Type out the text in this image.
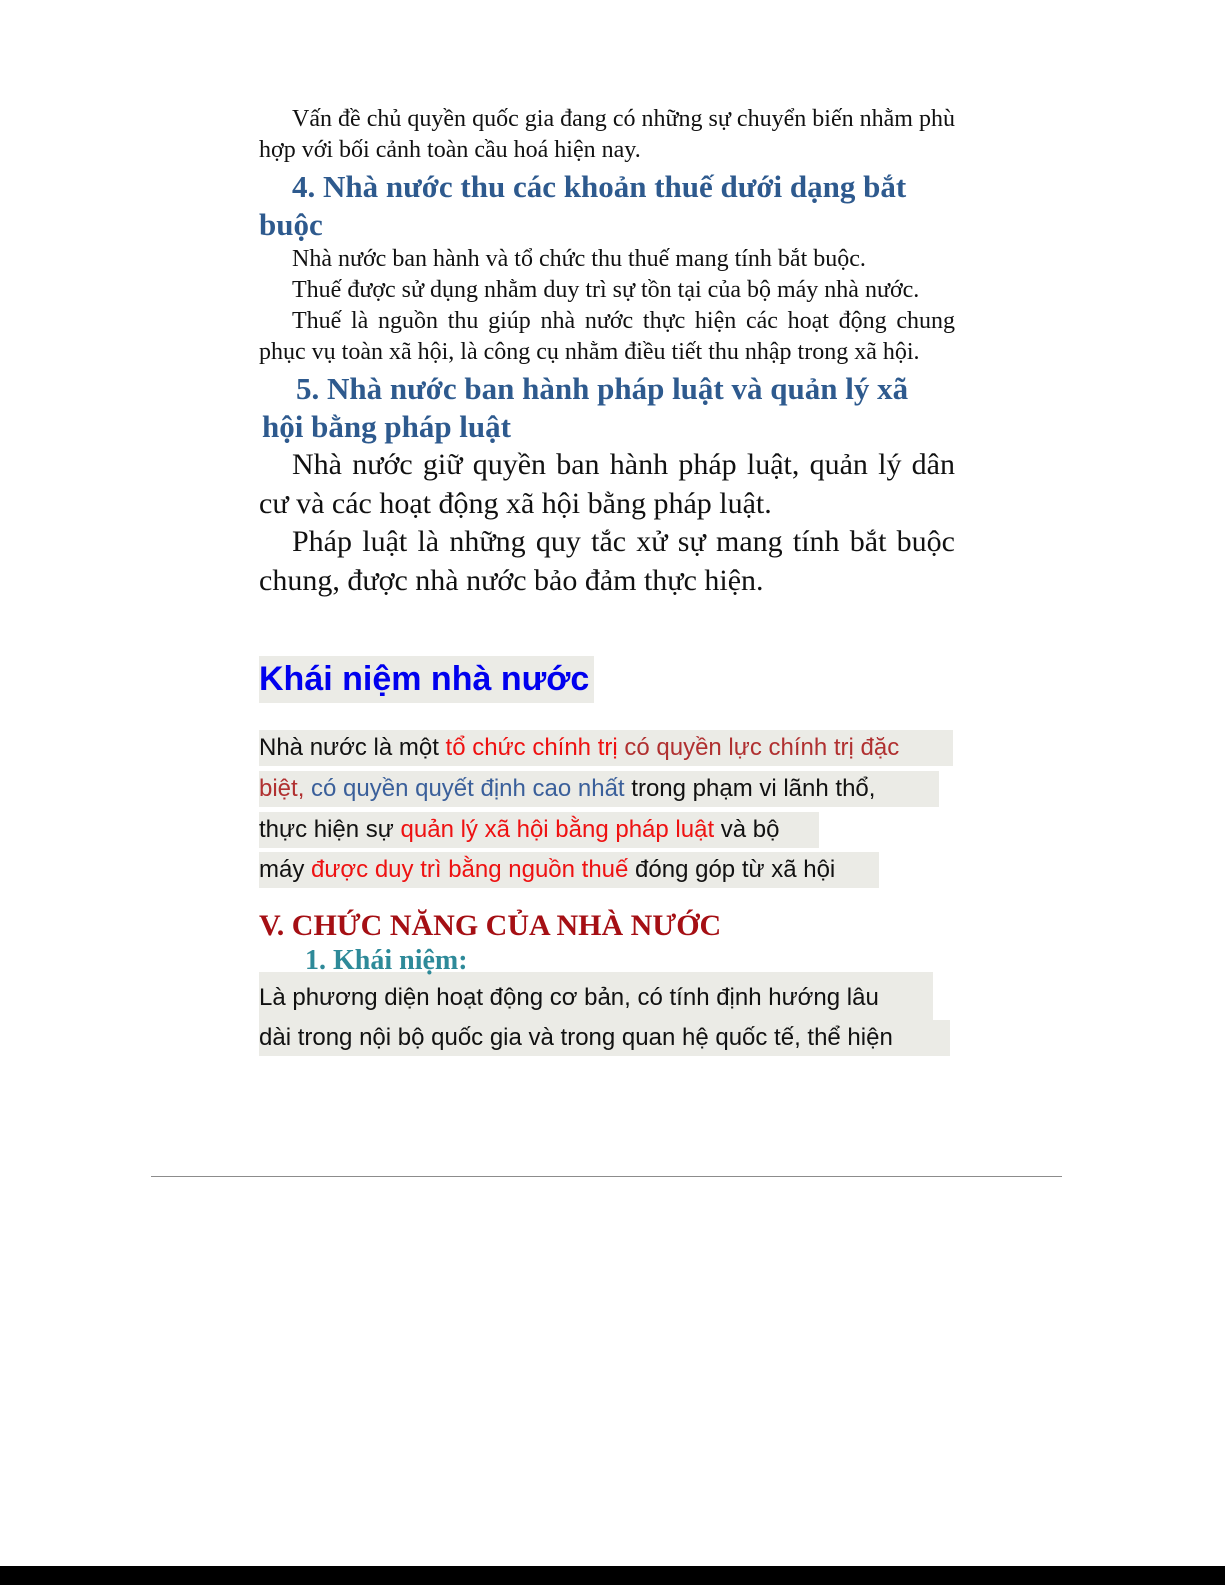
Vấn đề chủ quyền quốc gia đang có những sự chuyển biến nhằm phù hợp với bối cảnh toàn cầu hoá hiện nay.

4. Nhà nước thu các khoản thuế dưới dạng bắt buộc

Nhà nước ban hành và tổ chức thu thuế mang tính bắt buộc.

Thuế được sử dụng nhằm duy trì sự tồn tại của bộ máy nhà nước.

Thuế là nguồn thu giúp nhà nước thực hiện các hoạt động chung phục vụ toàn xã hội, là công cụ nhằm điều tiết thu nhập trong xã hội.

5. Nhà nước ban hành pháp luật và quản lý xã
hội bằng pháp luật

Nhà nước giữ quyền ban hành pháp luật, quản lý dân cư và các hoạt động xã hội bằng pháp luật.

Pháp luật là những quy tắc xử sự mang tính bắt buộc chung, được nhà nước bảo đảm thực hiện.

Khái niệm nhà nước
Nhà nước là một tổ chức chính trị có quyền lực chính trị đặc
biệt, có quyền quyết định cao nhất trong phạm vi lãnh thổ,
thực hiện sự quản lý xã hội bằng pháp luật và bộ
máy được duy trì bằng nguồn thuế đóng góp từ xã hội
V. CHỨC NĂNG CỦA NHÀ NƯỚC
1. Khái niệm:
Là phương diện hoạt động cơ bản, có tính định hướng lâu
dài trong nội bộ quốc gia và trong quan hệ quốc tế, thể hiện
